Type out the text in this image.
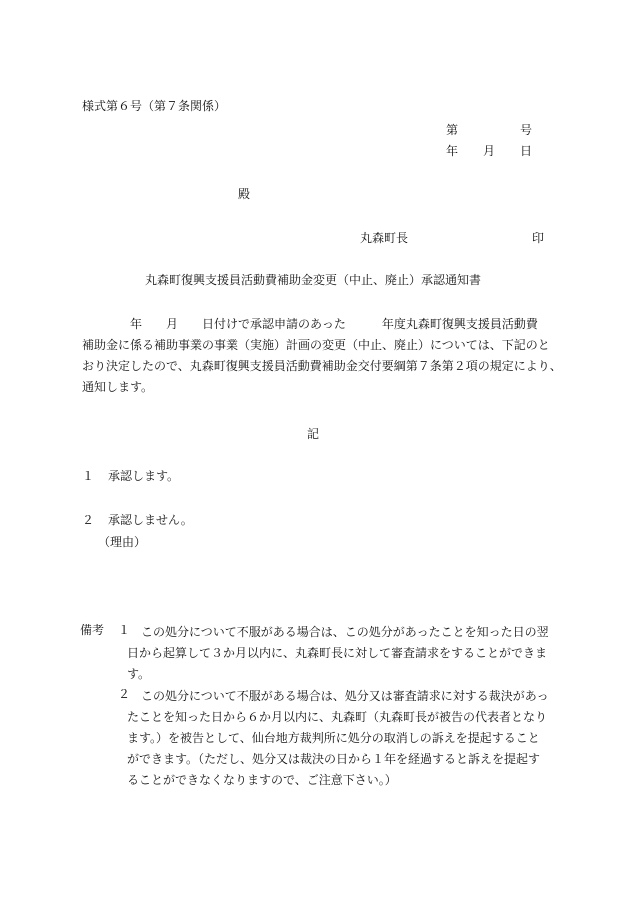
様式第６号（第７条関係）
第	号
年 月 日
殿
丸森町長	印
丸森町復興支援員活動費補助金変更（中止、廃止）承認通知書
　　　　年　　月　　日付けで承認申請のあった　　　年度丸森町復興支援員活動費
補助金に係る補助事業の事業（実施）計画の変更（中止、廃止）については、下記のと
おり決定したので、丸森町復興支援員活動費補助金交付要綱第７条第２項の規定により、
通知します。
記
１ 承認します。
２ 承認しません。
（理由）
備考 １ この処分について不服がある場合は、この処分があったことを知った日の翌
日から起算して３か月以内に、丸森町長に対して審査請求をすることができま
す。
２ この処分について不服がある場合は、処分又は審査請求に対する裁決があっ
たことを知った日から６か月以内に、丸森町（丸森町長が被告の代表者となり
ます。）を被告として、仙台地方裁判所に処分の取消しの訴えを提起すること
ができます。（ただし、処分又は裁決の日から１年を経過すると訴えを提起す
ることができなくなりますので、ご注意下さい。）
